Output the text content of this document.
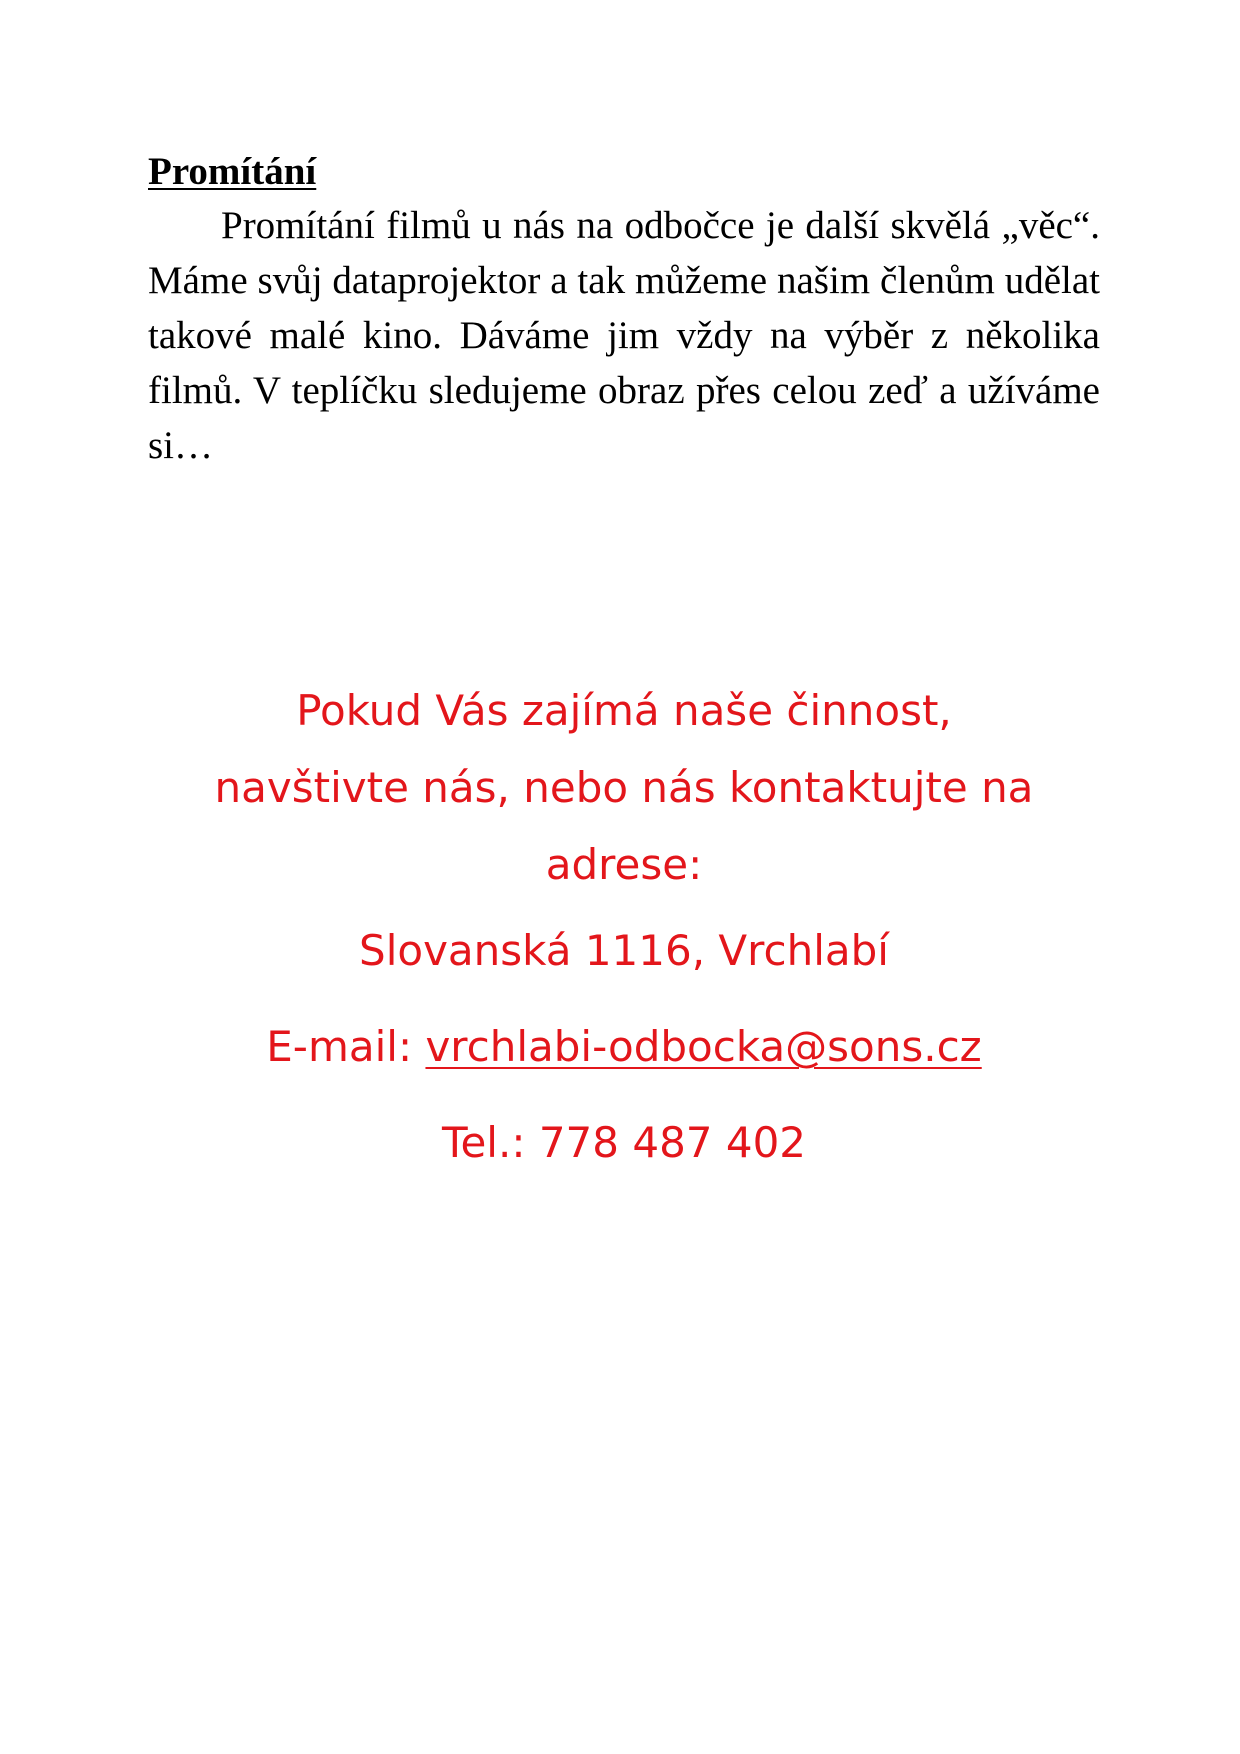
Promítání

Promítání filmů u nás na odbočce je další skvělá „věc“. Máme svůj dataprojektor a tak můžeme našim členům udělat takové malé kino. Dáváme jim vždy na výběr z několika filmů. V teplíčku sledujeme obraz přes celou zeď a užíváme si…

Pokud Vás zajímá naše činnost,

navštivte nás, nebo nás kontaktujte na

adrese:

Slovanská 1116, Vrchlabí

E-mail: vrchlabi-odbocka@sons.cz

Tel.: 778 487 402
